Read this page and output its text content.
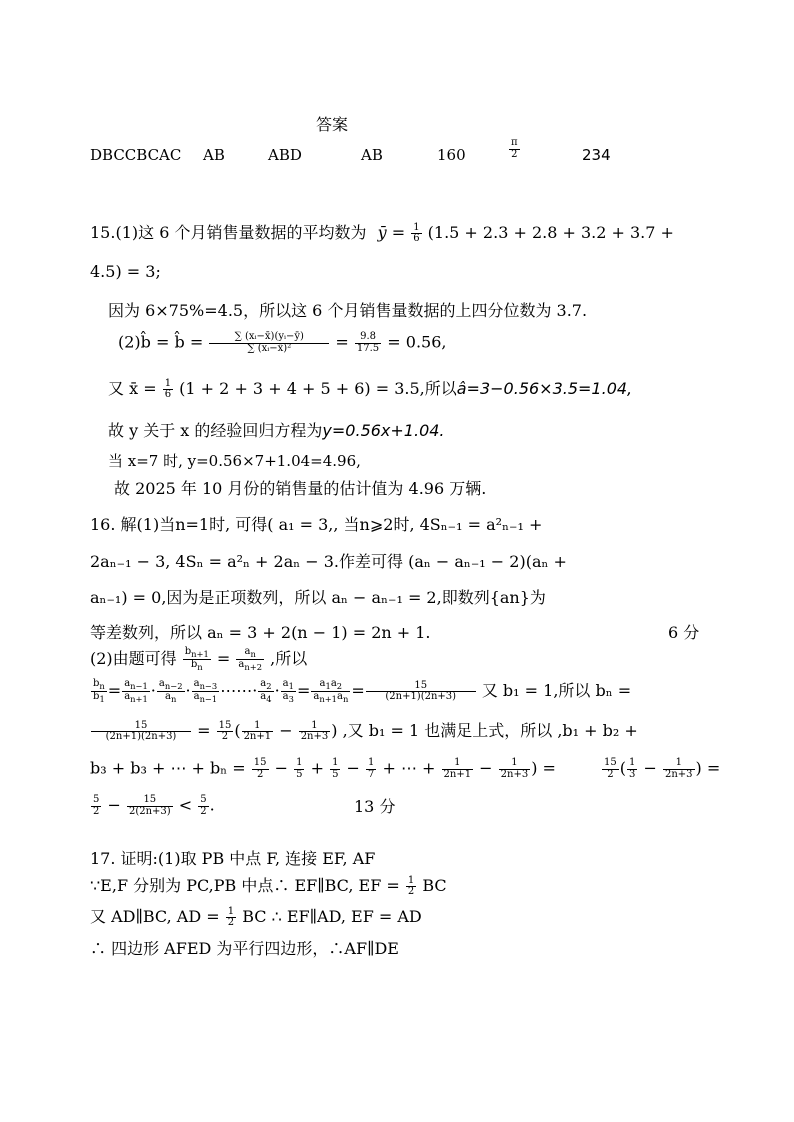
答案
DBCCBCAC AB	ABD	AB	160	$\frac{\pi}{2}$	234
15.(1)这 6 个月销售量数据的平均数为 ȳ = $\frac{1}{6} (1.5 + 2.3 + 2.8 + 3.2 + 3.7$ +
4.5) = 3;
因为 6×75%=4.5，所以这 6 个月销售量数据的上四分位数为 3.7.
(2)b̂ = b̂ = $\frac{\text{∑ (xᵢ−x̄)(yᵢ−ȳ)}}{\text{∑ (xᵢ−x̄)²}} = \frac{9.8}{17.5} = 0.56$,
又 x̄ = $\frac{1}{6} (1 + 2 + 3 + 4 + 5 + 6) = 3.5$,所以â=3−0.56×3.5=1.04,
故 y 关于 x 的经验回归方程为y=0.56x+1.04.
当 x=7 时, y=0.56×7+1.04=4.96,
故 2025 年 10 月份的销售量的估计值为 4.96 万辆.
16. 解(1)当n=1时, 可得( a₁ = 3,, 当n⩾2时, 4Sₙ₋₁ = a²ₙ₋₁ +
2aₙ₋₁ − 3, 4Sₙ = a²ₙ + 2aₙ − 3.作差可得 (aₙ − aₙ₋₁ − 2)(aₙ +
aₙ₋₁) = 0,因为是正项数列，所以 aₙ − aₙ₋₁ = 2,即数列{an}为
等差数列，所以 aₙ = 3 + 2(n − 1) = 2n + 1.	6 分
(2)由题可得 $\frac{b_{n+1}}{b_n} = \frac{a_n}{a_{n+2}}$ ,所以
$\frac{b_n}{b_1} = \frac{a_{n-1}}{a_{n+1}} \cdot \frac{a_{n-2}}{a_n} \cdot \frac{a_{n-3}}{a_{n-1}}$ ⋯⋯· $\frac{a_2}{a_4} \cdot \frac{a_1}{a_3} = \frac{a_1a_2}{a_{n+1}a_n} = \frac{15}{(2n+1)(2n+3)}$ 又 b₁ = 1,所以 bₙ =
$\frac{15}{(2n+1)(2n+3)} = \frac{15}{2}$ ( $\frac{1}{2n+1} - \frac{1}{2n+3}$ ) ,又 b₁ = 1 也满足上式，所以 ,b₁ + b₂ +
b₃ + b₃ + ⋯ + $b_n = \frac{15}{2} - \frac{1}{5} + \frac{1}{5} - \frac{1}{7}$ + ⋯ + $\frac{1}{2n+1} - \frac{1}{2n+3}$ ) =	$\frac{15}{2}$ ( $\frac{1}{3} - \frac{1}{2n+3}$ ) =
$\frac{5}{2} - \frac{15}{2(2n+3)} < \frac{5}{2}$ .	13 分
17. 证明:(1)取 PB 中点 F, 连接 EF, AF
∵E,F 分别为 PC,PB 中点∴ EF∥BC, EF = $\frac{1}{2}$ BC
又 AD∥BC, AD = $\frac{1}{2}$ BC ∴ EF∥AD, EF = AD
∴ 四边形 AFED 为平行四边形，∴AF∥DE
